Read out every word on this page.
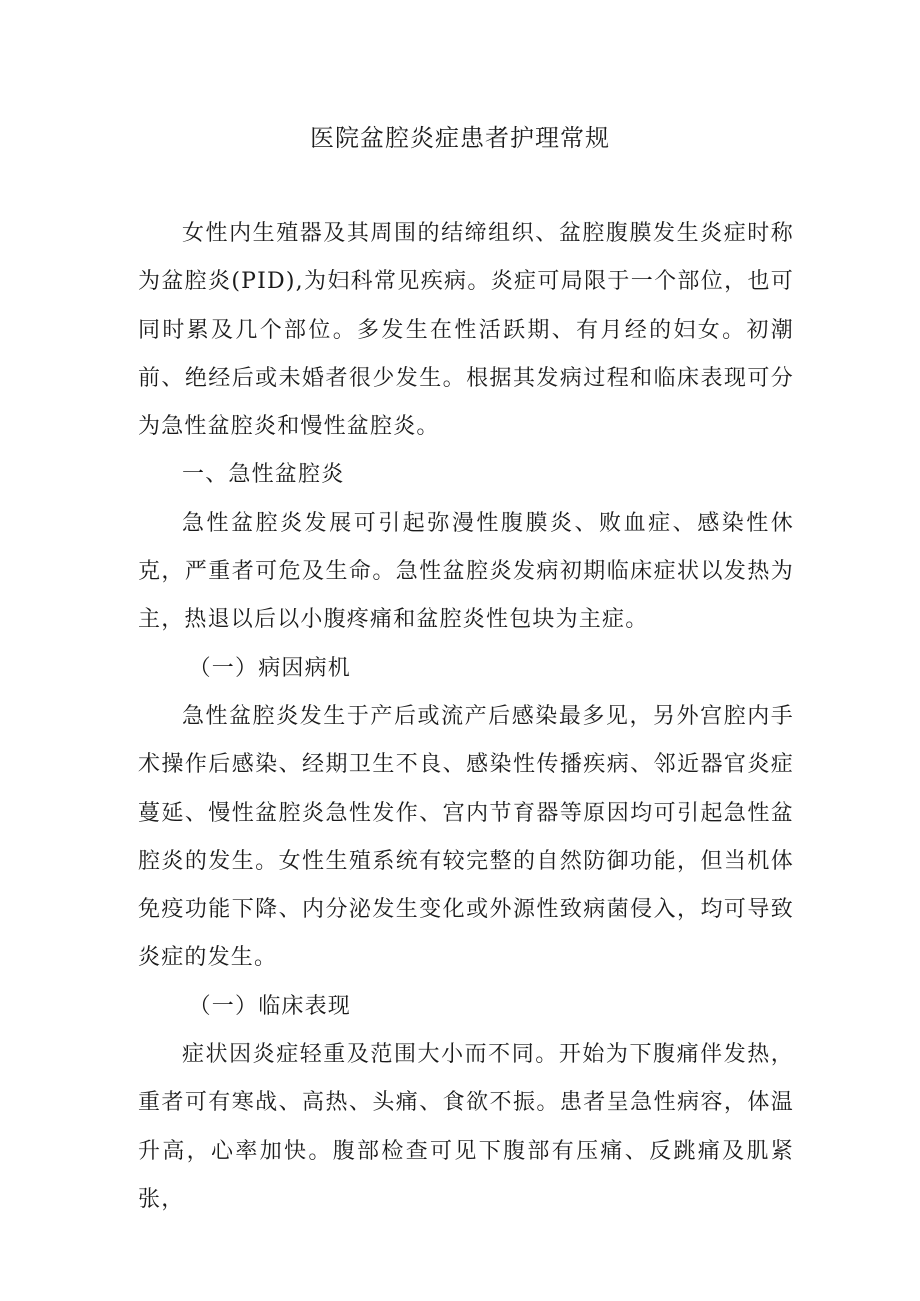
医院盆腔炎症患者护理常规

女性内生殖器及其周围的结缔组织、盆腔腹膜发生炎症时称为盆腔炎(PID),为妇科常见疾病。炎症可局限于一个部位，也可同时累及几个部位。多发生在性活跃期、有月经的妇女。初潮前、绝经后或未婚者很少发生。根据其发病过程和临床表现可分为急性盆腔炎和慢性盆腔炎。

一、急性盆腔炎

急性盆腔炎发展可引起弥漫性腹膜炎、败血症、感染性休克，严重者可危及生命。急性盆腔炎发病初期临床症状以发热为主，热退以后以小腹疼痛和盆腔炎性包块为主症。

（一）病因病机

急性盆腔炎发生于产后或流产后感染最多见，另外宫腔内手术操作后感染、经期卫生不良、感染性传播疾病、邻近器官炎症蔓延、慢性盆腔炎急性发作、宫内节育器等原因均可引起急性盆腔炎的发生。女性生殖系统有较完整的自然防御功能，但当机体免疫功能下降、内分泌发生变化或外源性致病菌侵入，均可导致炎症的发生。

（一）临床表现

症状因炎症轻重及范围大小而不同。开始为下腹痛伴发热，重者可有寒战、高热、头痛、食欲不振。患者呈急性病容，体温升高，心率加快。腹部检查可见下腹部有压痛、反跳痛及肌紧张，
